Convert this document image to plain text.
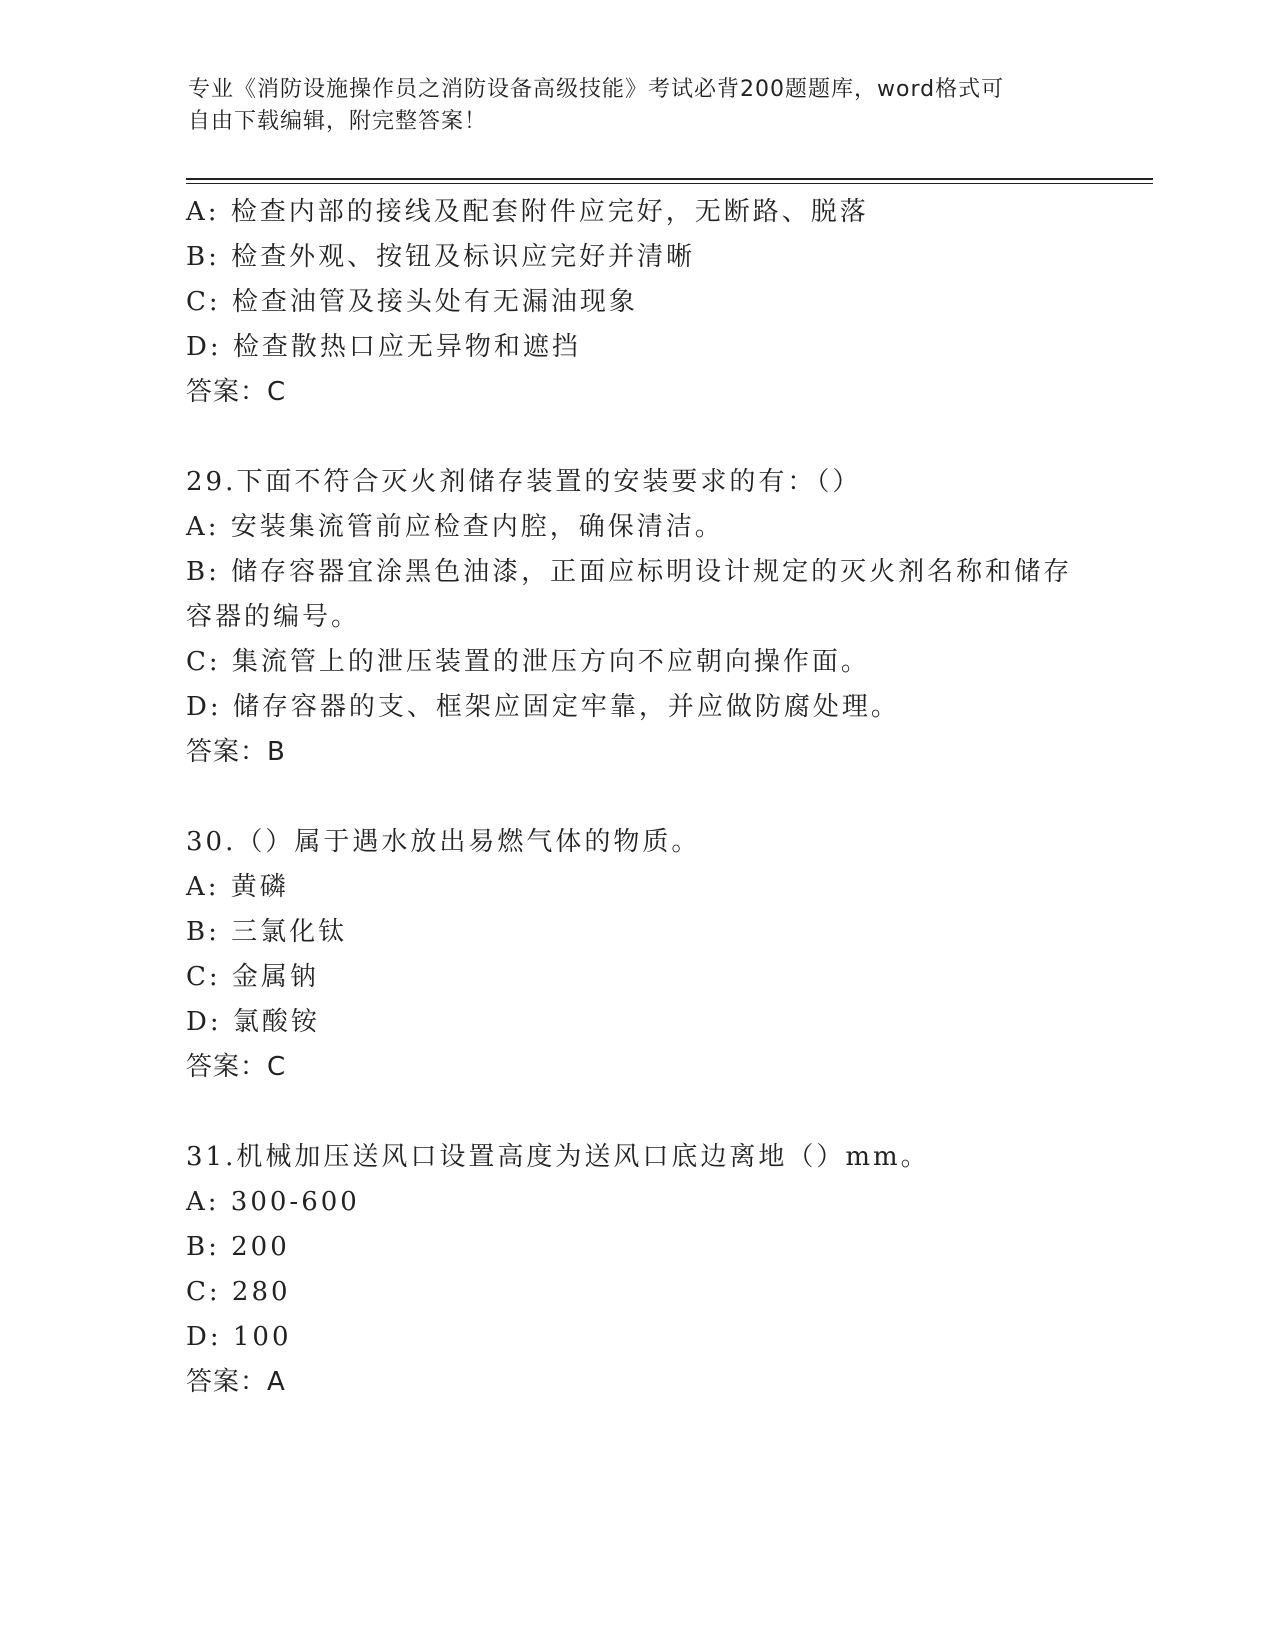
专业《消防设施操作员之消防设备高级技能》考试必背200题题库，word格式可
自由下载编辑，附完整答案！
A: 检查内部的接线及配套附件应完好，无断路、脱落
B: 检查外观、按钮及标识应完好并清晰
C: 检查油管及接头处有无漏油现象
D: 检查散热口应无异物和遮挡
答案：C
29.下面不符合灭火剂储存装置的安装要求的有：（）
A: 安装集流管前应检查内腔，确保清洁。
B: 储存容器宜涂黑色油漆，正面应标明设计规定的灭火剂名称和储存
容器的编号。
C: 集流管上的泄压装置的泄压方向不应朝向操作面。
D: 储存容器的支、框架应固定牢靠，并应做防腐处理。
答案：B
30.（）属于遇水放出易燃气体的物质。
A: 黄磷
B: 三氯化钛
C: 金属钠
D: 氯酸铵
答案：C
31.机械加压送风口设置高度为送风口底边离地（）mm。
A: 300-600
B: 200
C: 280
D: 100
答案：A
